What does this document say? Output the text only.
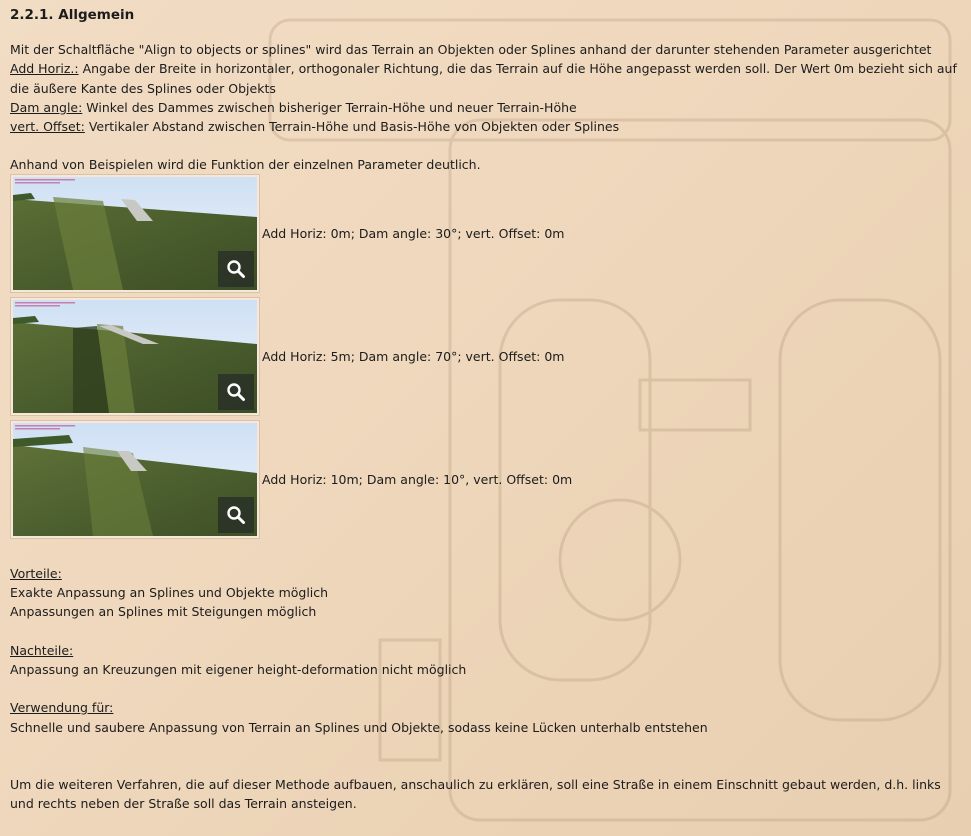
2.2.1. Allgemein

Mit der Schaltfläche "Align to objects or splines" wird das Terrain an Objekten oder Splines anhand der darunter stehenden Parameter ausgerichtet

Add Horiz.: Angabe der Breite in horizontaler, orthogonaler Richtung, die das Terrain auf die Höhe angepasst werden soll. Der Wert 0m bezieht sich auf die äußere Kante des Splines oder Objekts

Dam angle: Winkel des Dammes zwischen bisheriger Terrain-Höhe und neuer Terrain-Höhe

vert. Offset: Vertikaler Abstand zwischen Terrain-Höhe und Basis-Höhe von Objekten oder Splines

Anhand von Beispielen wird die Funktion der einzelnen Parameter deutlich.

Add Horiz: 0m; Dam angle: 30°; vert. Offset: 0m
Add Horiz: 5m; Dam angle: 70°; vert. Offset: 0m
Add Horiz: 10m; Dam angle: 10°, vert. Offset: 0m

Vorteile:

Exakte Anpassung an Splines und Objekte möglich

Anpassungen an Splines mit Steigungen möglich

Nachteile:

Anpassung an Kreuzungen mit eigener height-deformation nicht möglich

Verwendung für:

Schnelle und saubere Anpassung von Terrain an Splines und Objekte, sodass keine Lücken unterhalb entstehen

Um die weiteren Verfahren, die auf dieser Methode aufbauen, anschaulich zu erklären, soll eine Straße in einem Einschnitt gebaut werden, d.h. links und rechts neben der Straße soll das Terrain ansteigen.
